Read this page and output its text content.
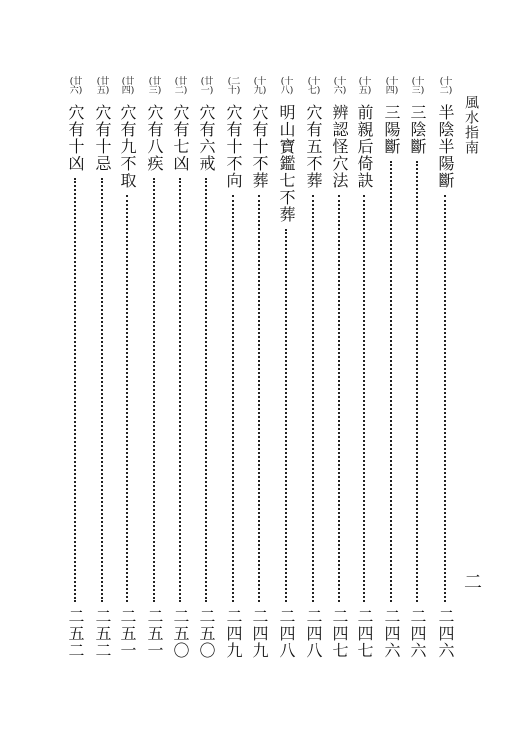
風水指南
二
(十二)
半陰半陽斷
二四六
(十三)
三陰斷
二四六
(十四)
三陽斷
二四六
(十五)
前親后倚訣
二四七
(十六)
辨認怪穴法
二四七
(十七)
穴有五不葬
二四八
(十八)
明山寶鑑七不葬
二四八
(十九)
穴有十不葬
二四九
(二十)
穴有十不向
二四九
(廿一)
穴有六戒
二五〇
(廿二)
穴有七凶
二五〇
(廿三)
穴有八疾
二五一
(廿四)
穴有九不取
二五一
(廿五)
穴有十忌
二五二
(廿六)
穴有十凶
二五二
